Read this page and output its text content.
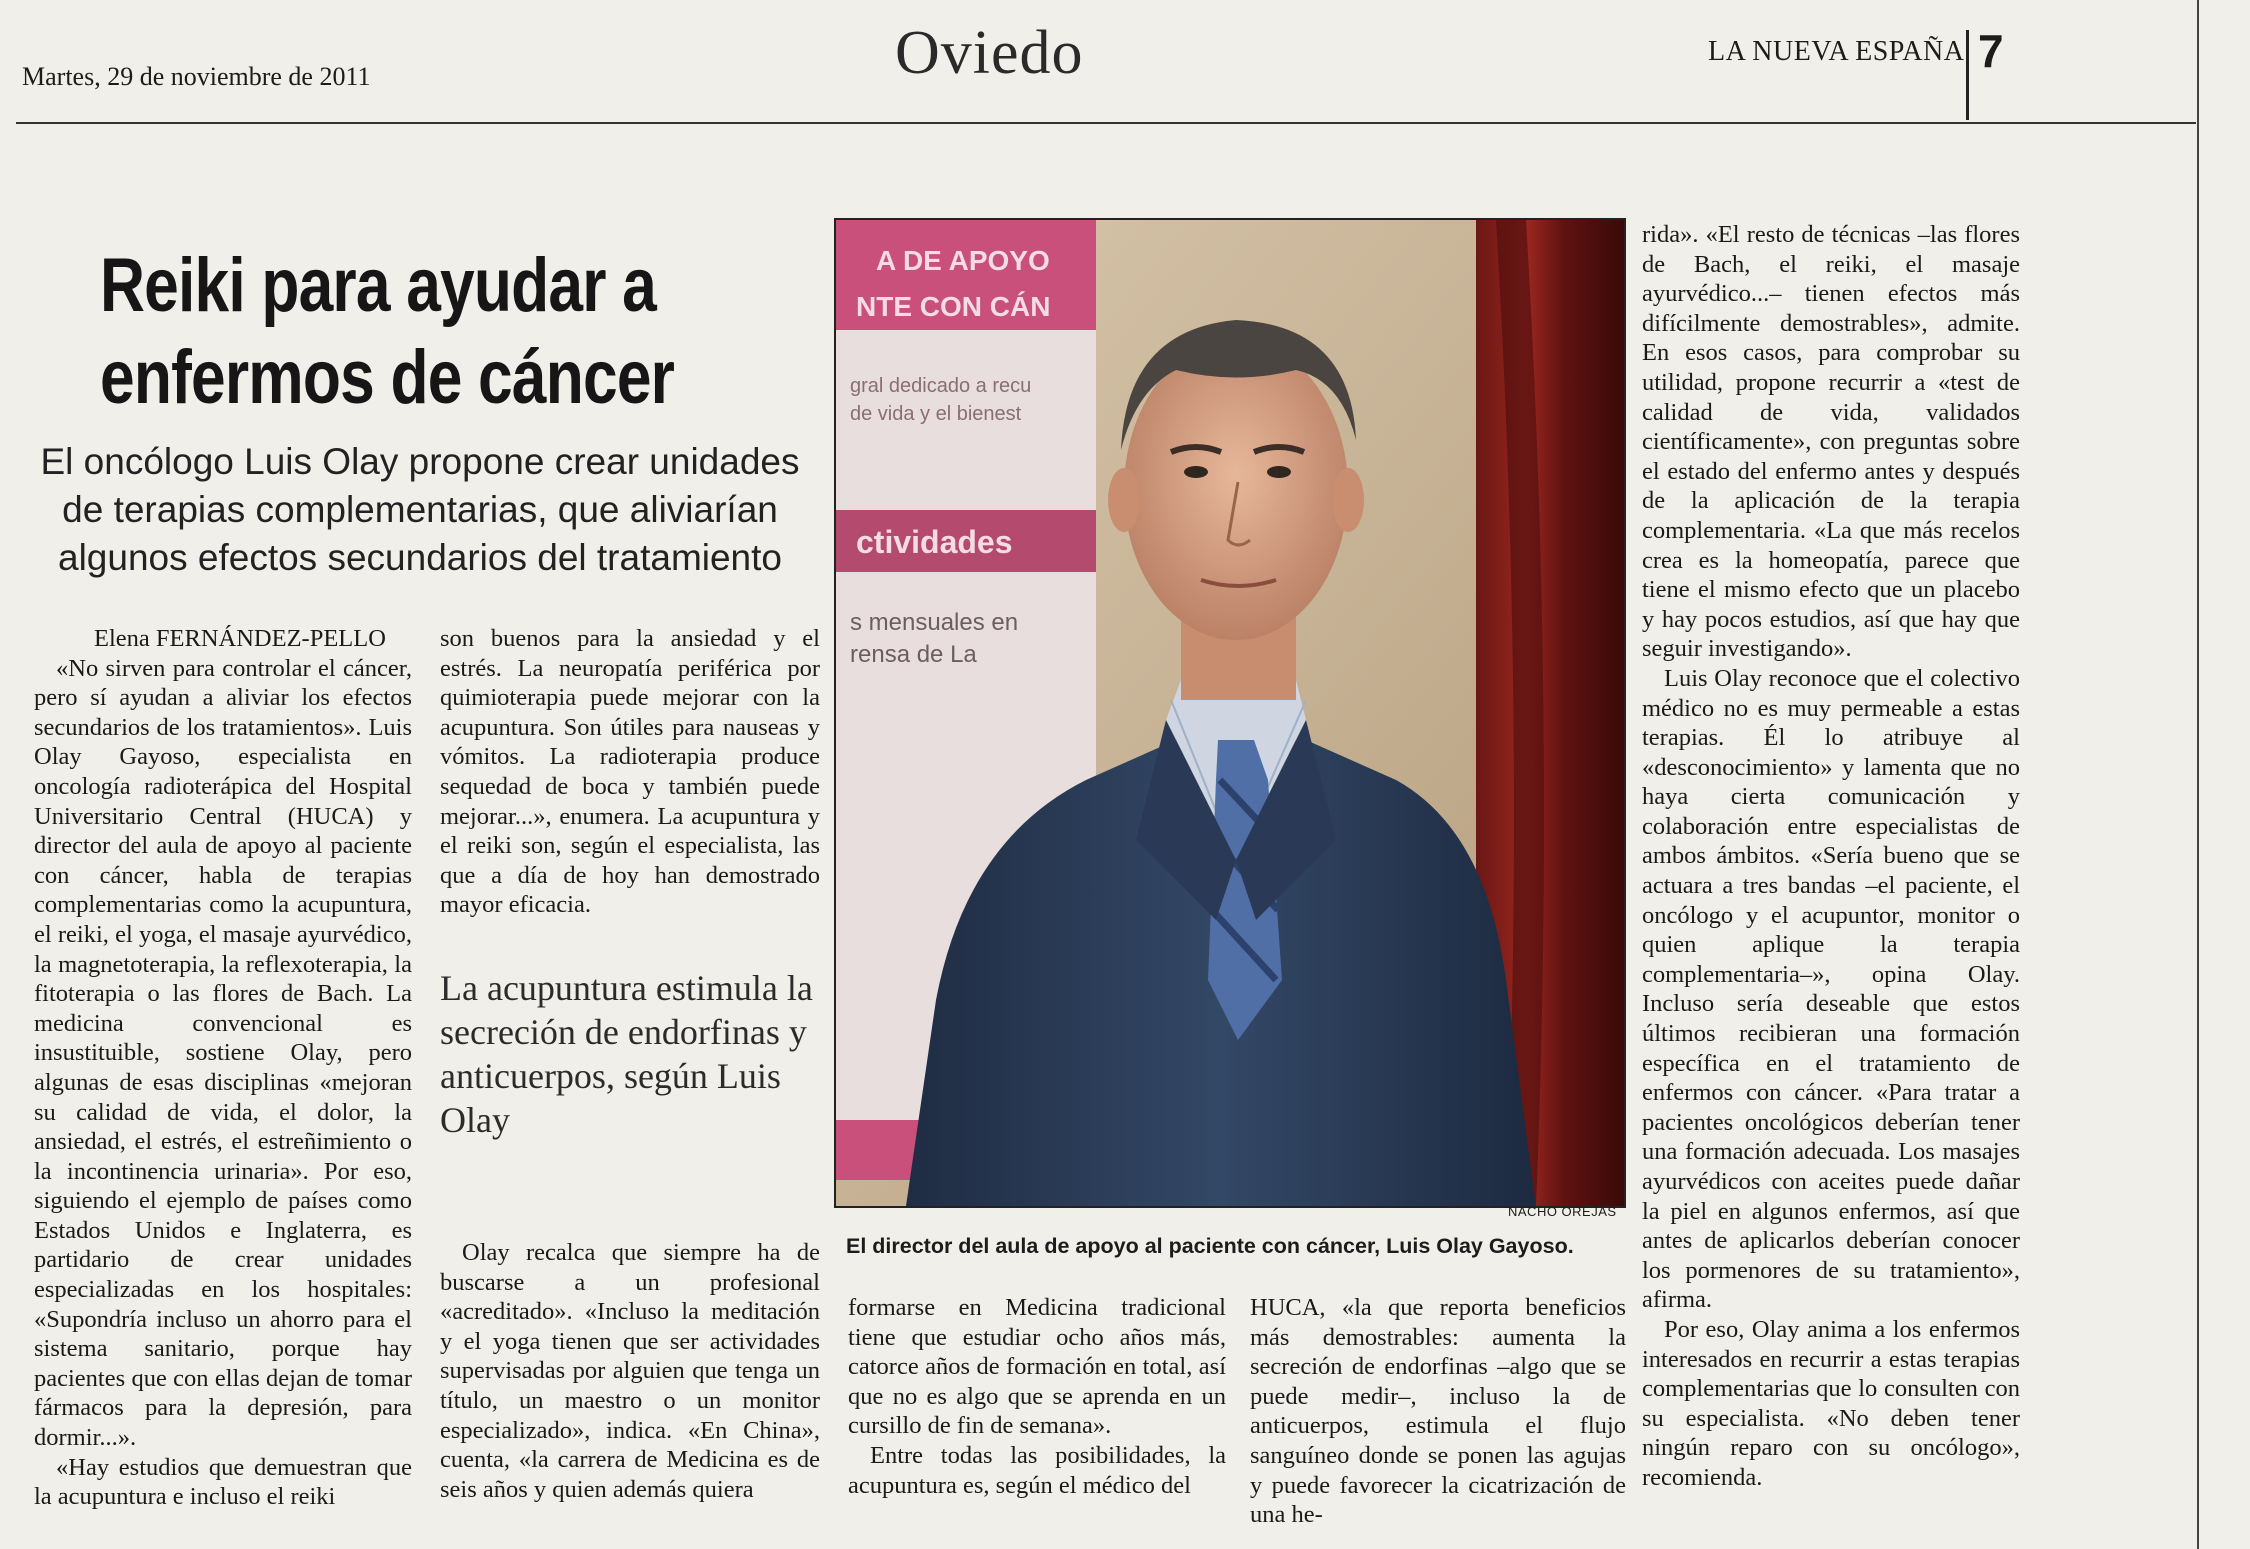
Martes, 29 de noviembre de 2011	Oviedo	LA NUEVA ESPAÑA 7
Reiki para ayudar a
enfermos de cáncer
El oncólogo Luis Olay propone crear unidades de terapias complementarias, que aliviarían algunos efectos secundarios del tratamiento

Elena FERNÁNDEZ-PELLO

«No sirven para controlar el cáncer, pero sí ayudan a aliviar los efectos secundarios de los tratamientos». Luis Olay Gayoso, especialista en oncología radioterápica del Hospital Universitario Central (HUCA) y director del aula de apoyo al paciente con cáncer, habla de terapias complementarias como la acupuntura, el reiki, el yoga, el masaje ayurvédico, la magnetoterapia, la reflexoterapia, la fitoterapia o las flores de Bach. La medicina convencional es insustituible, sostiene Olay, pero algunas de esas disciplinas «mejoran su calidad de vida, el dolor, la ansiedad, el estrés, el estreñimiento o la incontinencia urinaria». Por eso, siguiendo el ejemplo de países como Estados Unidos e Inglaterra, es partidario de crear unidades especializadas en los hospitales: «Supondría incluso un ahorro para el sistema sanitario, porque hay pacientes que con ellas dejan de tomar fármacos para la depresión, para dormir...».

«Hay estudios que demuestran que la acupuntura e incluso el reiki

son buenos para la ansiedad y el estrés. La neuropatía periférica por quimioterapia puede mejorar con la acupuntura. Son útiles para nauseas y vómitos. La radioterapia produce sequedad de boca y también puede mejorar...», enumera. La acupuntura y el reiki son, según el especialista, las que a día de hoy han demostrado mayor eficacia.

La acupuntura estimula la secreción de endorfinas y anticuerpos, según Luis Olay

Olay recalca que siempre ha de buscarse a un profesional «acreditado». «Incluso la meditación y el yoga tienen que ser actividades supervisadas por alguien que tenga un título, un maestro o un monitor especializado», indica. «En China», cuenta, «la carrera de Medicina es de seis años y quien además quiera

formarse en Medicina tradicional tiene que estudiar ocho años más, catorce años de formación en total, así que no es algo que se aprenda en un cursillo de fin de semana».

Entre todas las posibilidades, la acupuntura es, según el médico del

HUCA, «la que reporta beneficios más demostrables: aumenta la secreción de endorfinas –algo que se puede medir–, incluso la de anticuerpos, estimula el flujo sanguíneo donde se ponen las agujas y puede favorecer la cicatrización de una he-

rida». «El resto de técnicas –las flores de Bach, el reiki, el masaje ayurvédico...– tienen efectos más difícilmente demostrables», admite. En esos casos, para comprobar su utilidad, propone recurrir a «test de calidad de vida, validados científicamente», con preguntas sobre el estado del enfermo antes y después de la aplicación de la terapia complementaria. «La que más recelos crea es la homeopatía, parece que tiene el mismo efecto que un placebo y hay pocos estudios, así que hay que seguir investigando».

Luis Olay reconoce que el colectivo médico no es muy permeable a estas terapias. Él lo atribuye al «desconocimiento» y lamenta que no haya cierta comunicación y colaboración entre especialistas de ambos ámbitos. «Sería bueno que se actuara a tres bandas –el paciente, el oncólogo y el acupuntor, monitor o quien aplique la terapia complementaria–», opina Olay. Incluso sería deseable que estos últimos recibieran una formación específica en el tratamiento de enfermos con cáncer. «Para tratar a pacientes oncológicos deberían tener una formación adecuada. Los masajes ayurvédicos con aceites puede dañar la piel en algunos enfermos, así que antes de aplicarlos deberían conocer los pormenores de su tratamiento», afirma.

Por eso, Olay anima a los enfermos interesados en recurrir a estas terapias complementarias que lo consulten con su especialista. «No deben tener ningún reparo con su oncólogo», recomienda.

A DE APOYO
NTE CON CÁN
gral dedicado a recu
de vida y el bienest
ctividades
s mensuales en
rensa de La
NACHO OREJAS
El director del aula de apoyo al paciente con cáncer, Luis Olay Gayoso.
